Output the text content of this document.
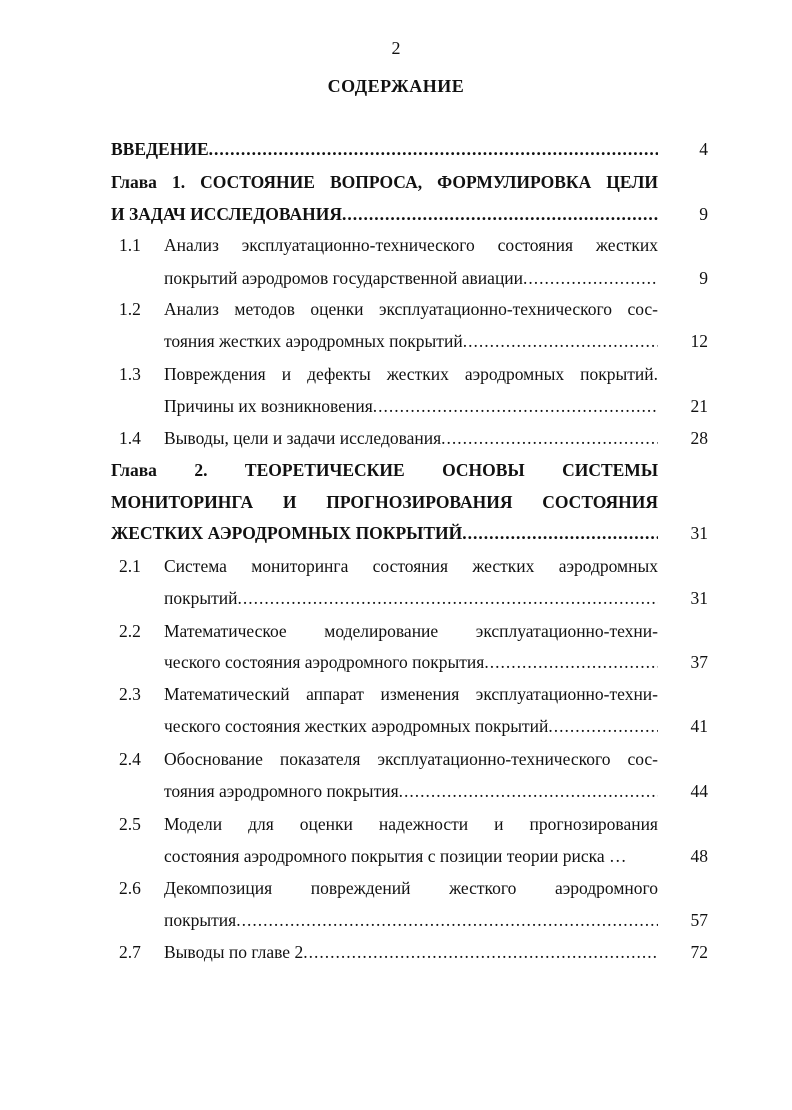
2
СОДЕРЖАНИЕ
ВВЕДЕНИЕ .....	4
Глава 1. СОСТОЯНИЕ ВОПРОСА, ФОРМУЛИРОВКА ЦЕЛИ
И ЗАДАЧ ИССЛЕДОВАНИЯ .....	9
1.1 Анализ эксплуатационно-технического состояния жестких
покрытий аэродромов государственной авиации .....	9
1.2 Анализ методов оценки эксплуатационно-технического сос-
тояния жестких аэродромных покрытий .....	12
1.3 Повреждения и дефекты жестких аэродромных покрытий.
Причины их возникновения .....	21
1.4 Выводы, цели и задачи исследования .....	28
Глава 2. ТЕОРЕТИЧЕСКИЕ ОСНОВЫ СИСТЕМЫ
МОНИТОРИНГА И ПРОГНОЗИРОВАНИЯ СОСТОЯНИЯ
ЖЕСТКИХ АЭРОДРОМНЫХ ПОКРЫТИЙ .....	31
2.1 Система мониторинга состояния жестких аэродромных
покрытий .....	31
2.2 Математическое моделирование эксплуатационно-техни-
ческого состояния аэродромного покрытия .....	37
2.3 Математический аппарат изменения эксплуатационно-техни-
ческого состояния жестких аэродромных покрытий .....	41
2.4 Обоснование показателя эксплуатационно-технического сос-
тояния аэродромного покрытия .....	44
2.5 Модели для оценки надежности и прогнозирования
состояния аэродромного покрытия с позиции теории риска …	48
2.6 Декомпозиция повреждений жесткого аэродромного
покрытия .....	57
2.7 Выводы по главе 2 .....	72
